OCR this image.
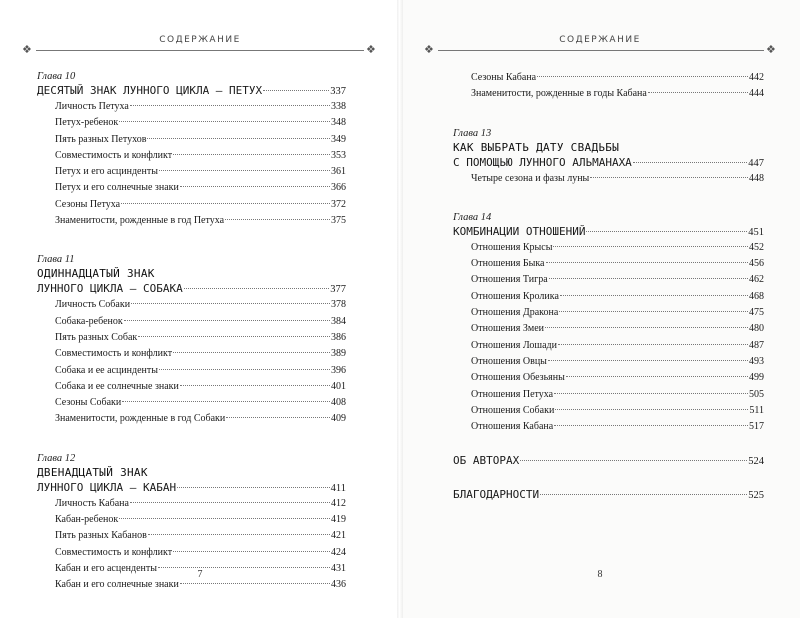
СОДЕРЖАНИЕ
❖	❖
Глава 10
ДЕСЯТЫЙ ЗНАК ЛУННОГО ЦИКЛА — ПЕТУХ	337
Личность Петуха	338
Петух-ребенок	348
Пять разных Петухов	349
Совместимость и конфликт	353
Петух и его асцинденты	361
Петух и его солнечные знаки	366
Сезоны Петуха	372
Знаменитости, рожденные в год Петуха	375
Глава 11
ОДИННАДЦАТЫЙ ЗНАК
ЛУННОГО ЦИКЛА — СОБАКА	377
Личность Собаки	378
Собака-ребенок	384
Пять разных Собак	386
Совместимость и конфликт	389
Собака и ее асцинденты	396
Собака и ее солнечные знаки	401
Сезоны Собаки	408
Знаменитости, рожденные в год Собаки	409
Глава 12
ДВЕНАДЦАТЫЙ ЗНАК
ЛУННОГО ЦИКЛА — КАБАН	411
Личность Кабана	412
Кабан-ребенок	419
Пять разных Кабанов	421
Совместимость и конфликт	424
Кабан и его асценденты	431
Кабан и его солнечные знаки	436
7
СОДЕРЖАНИЕ
❖	❖
Сезоны Кабана	442
Знаменитости, рожденные в годы Кабана	444
Глава 13
КАК ВЫБРАТЬ ДАТУ СВАДЬБЫ
С ПОМОЩЬЮ ЛУННОГО АЛЬМАНАХА	447
Четыре сезона и фазы луны	448
Глава 14
КОМБИНАЦИИ ОТНОШЕНИЙ	451
Отношения Крысы	452
Отношения Быка	456
Отношения Тигра	462
Отношения Кролика	468
Отношения Дракона	475
Отношения Змеи	480
Отношения Лошади	487
Отношения Овцы	493
Отношения Обезьяны	499
Отношения Петуха	505
Отношения Собаки	511
Отношения Кабана	517
ОБ АВТОРАХ	524
БЛАГОДАРНОСТИ	525
8
